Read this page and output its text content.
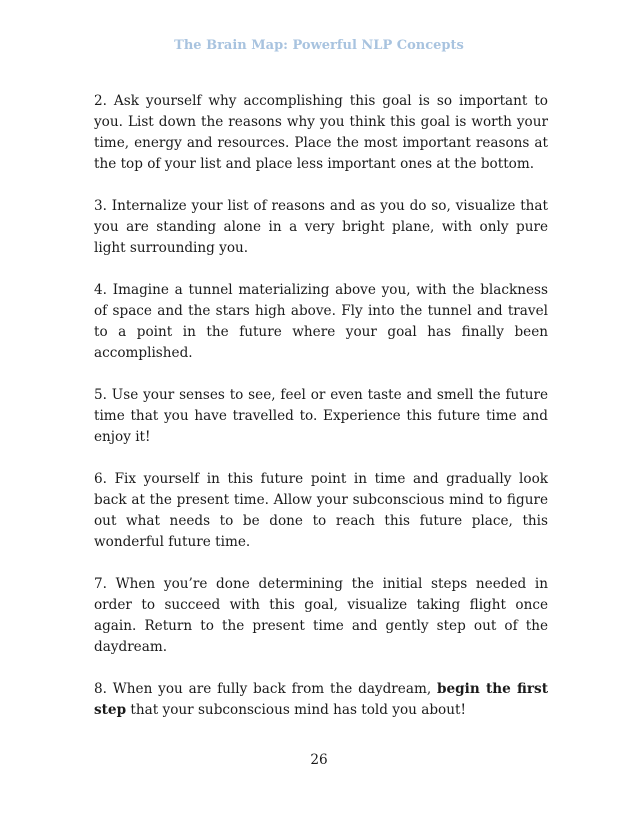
The Brain Map: Powerful NLP Concepts

2. Ask yourself why accomplishing this goal is so important to you. List down the reasons why you think this goal is worth your time, energy and resources. Place the most important reasons at the top of your list and place less important ones at the bottom.

3. Internalize your list of reasons and as you do so, visualize that you are standing alone in a very bright plane, with only pure light surrounding you.

4. Imagine a tunnel materializing above you, with the blackness of space and the stars high above. Fly into the tunnel and travel to a point in the future where your goal has finally been accomplished.

5. Use your senses to see, feel or even taste and smell the future time that you have travelled to. Experience this future time and enjoy it!

6. Fix yourself in this future point in time and gradually look back at the present time. Allow your subconscious mind to figure out what needs to be done to reach this future place, this wonderful future time.

7. When you’re done determining the initial steps needed in order to succeed with this goal, visualize taking flight once again. Return to the present time and gently step out of the daydream.

8. When you are fully back from the daydream, begin the first step that your subconscious mind has told you about!

26
